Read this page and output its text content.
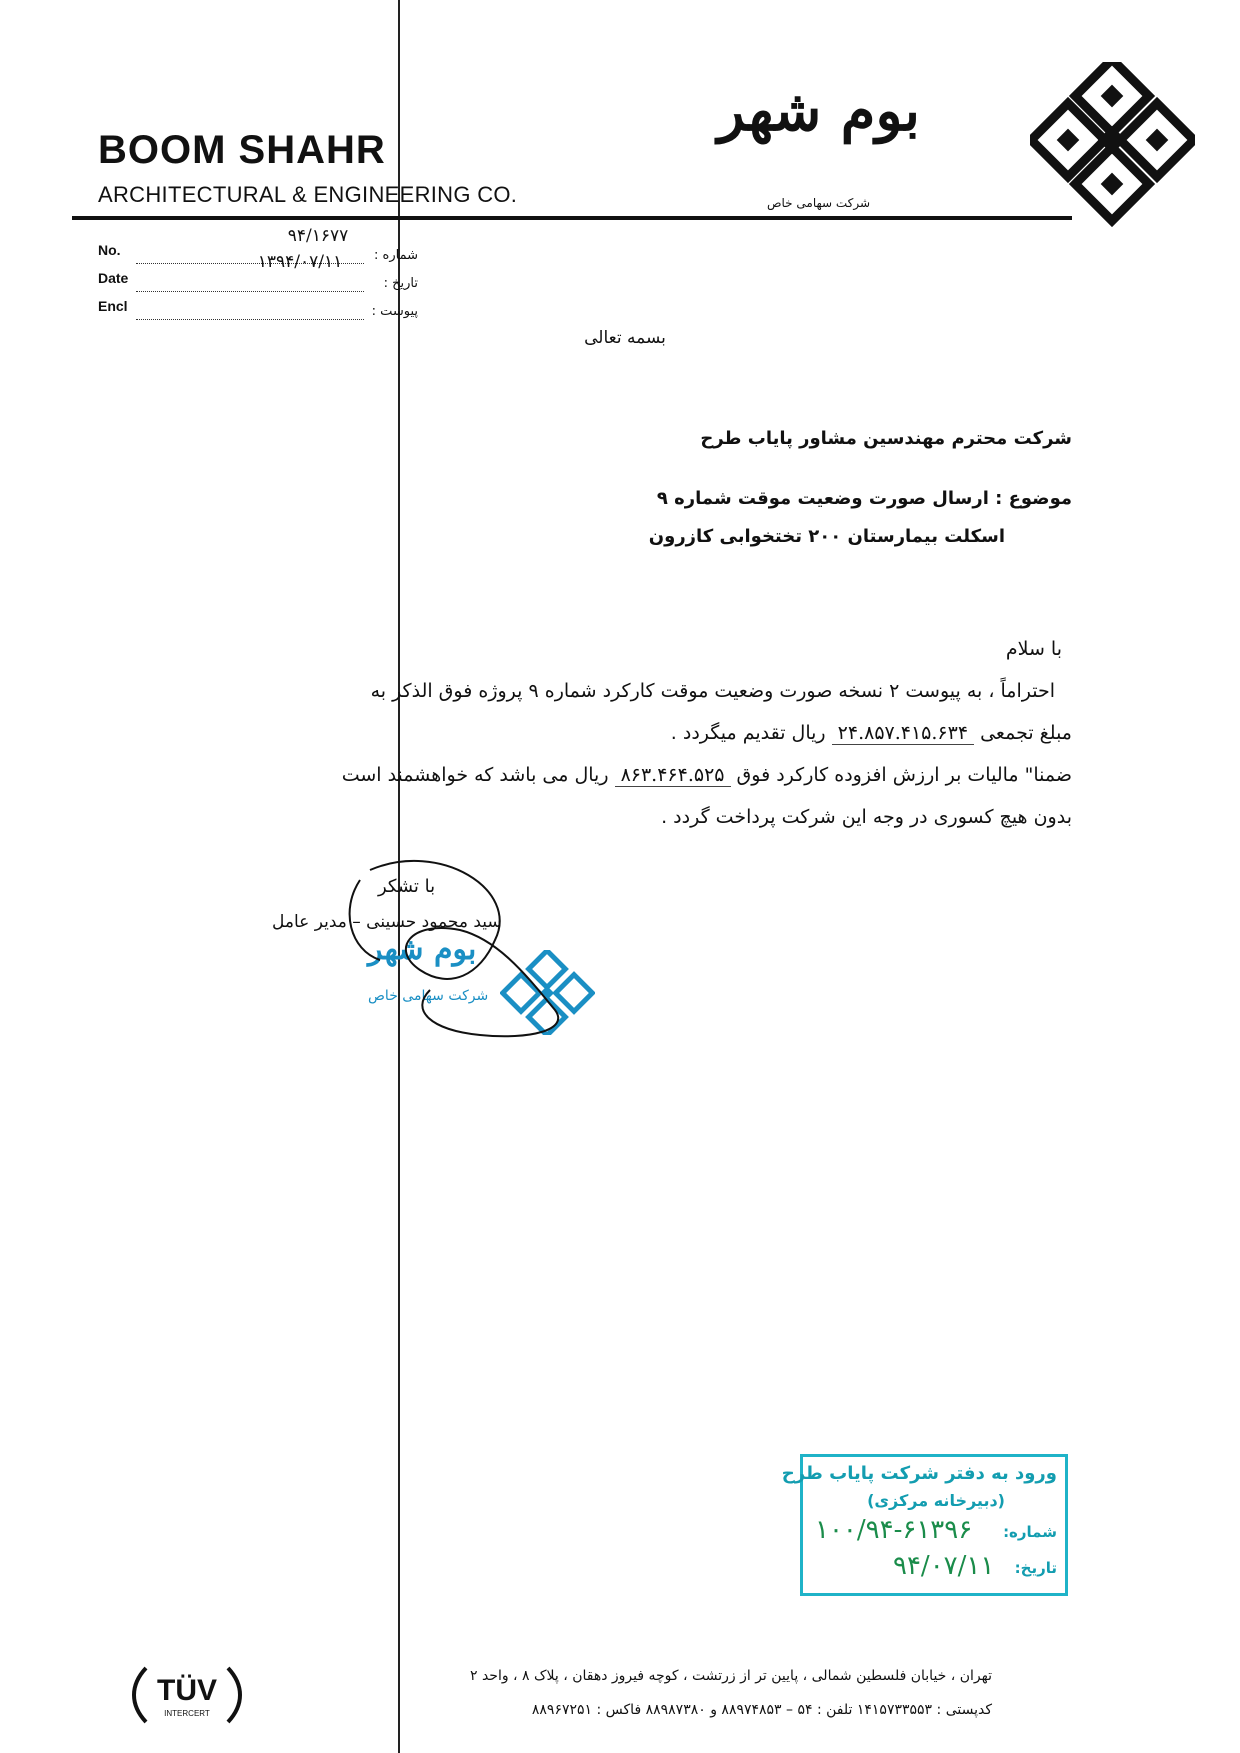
BOOM SHAHR
ARCHITECTURAL & ENGINEERING CO.
بوم شهر
شرکت سهامی خاص
No.
۹۴/۱۶۷۷
شماره :
Date
۱۳۹۴/۰۷/۱۱
تاریخ :
Encl	پیوست :
بسمه تعالی
شرکت محترم مهندسین مشاور پایاب طرح
موضوع : ارسال صورت وضعیت موقت شماره ۹
اسکلت بیمارستان ۲۰۰ تختخوابی کازرون
با سلام
احتراماً ، به پیوست ۲ نسخه صورت وضعیت موقت کارکرد شماره ۹ پروژه فوق الذکر به
مبلغ تجمعی ۲۴.۸۵۷.۴۱۵.۶۳۴ ریال تقدیم میگردد .
ضمنا" مالیات بر ارزش افزوده کارکرد فوق ۸۶۳.۴۶۴.۵۲۵ ریال می باشد که خواهشمند است
بدون هیچ کسوری در وجه این شرکت پرداخت گردد .
با تشکر
سید محمود حسینی – مدیر عامل
بوم شهر
شرکت سهامی خاص
ورود به دفتر شرکت پایاب طرح
(دبیرخانه مرکزی)
شماره:
۱۰۰/۹۴-۶۱۳۹۶
تاریخ:
۹۴/۰۷/۱۱
تهران ، خیابان فلسطین شمالی ، پایین تر از زرتشت ، کوچه فیروز دهقان ، پلاک ۸ ، واحد ۲
کدپستی : ۱۴۱۵۷۳۳۵۵۳ تلفن : ۵۴ – ۸۸۹۷۴۸۵۳ و ۸۸۹۸۷۳۸۰ فاکس : ۸۸۹۶۷۲۵۱
TÜV
INTERCERT
